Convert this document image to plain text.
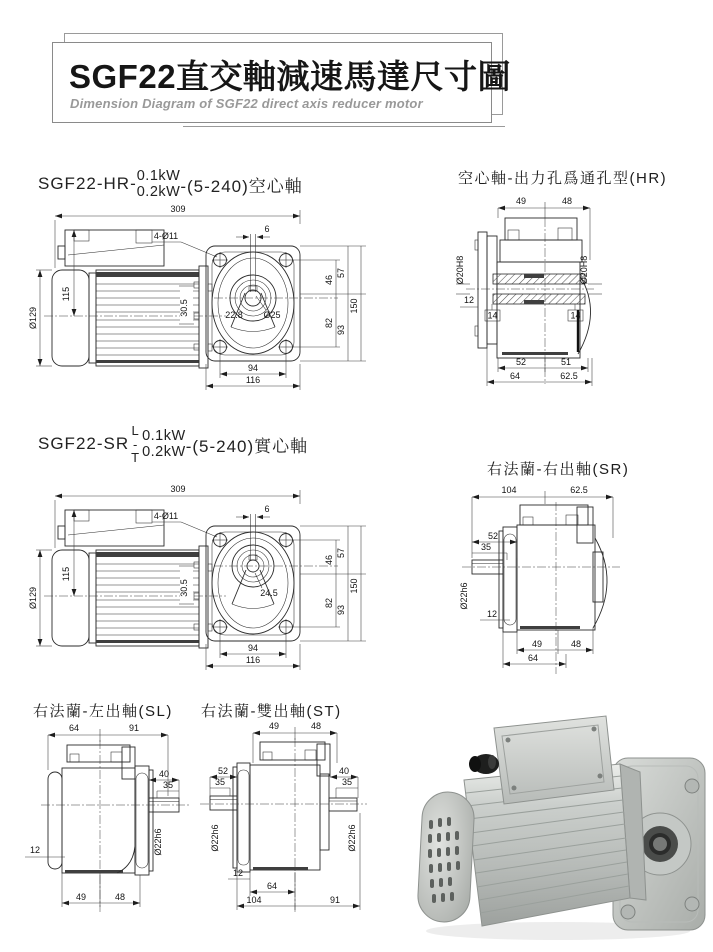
SGF22直交軸減速馬達尺寸圖
Dimension Diagram of SGF22 direct axis reducer motor
SGF22-HR- 0.1kW
0.2kW -(5-240)空心軸
309
115
Ø129	30.5
4-Ø11
6
22.8 Ø25
46
82
57
93
150
94
116
空心軸-出力孔爲通孔型(HR)
49	48
Ø20H8	Ø20H8
12
14	14
52	51
64	62.5
SGF22-SR
L
-
T
0.1kW
0.2kW -(5-240)實心軸
309
115
Ø129	30.5
4-Ø11
6
24.5
46
82
57
93
150
94
116
右法蘭-右出軸(SR)
104	62.5
52
35
Ø22h6
12
49	48
64
右法蘭-左出軸(SL)
64	91
40
35
Ø22h6
12
49	48
右法蘭-雙出軸(ST)
49	48
52
35
40
35
Ø22h6	Ø22h6
12
64
104	91
